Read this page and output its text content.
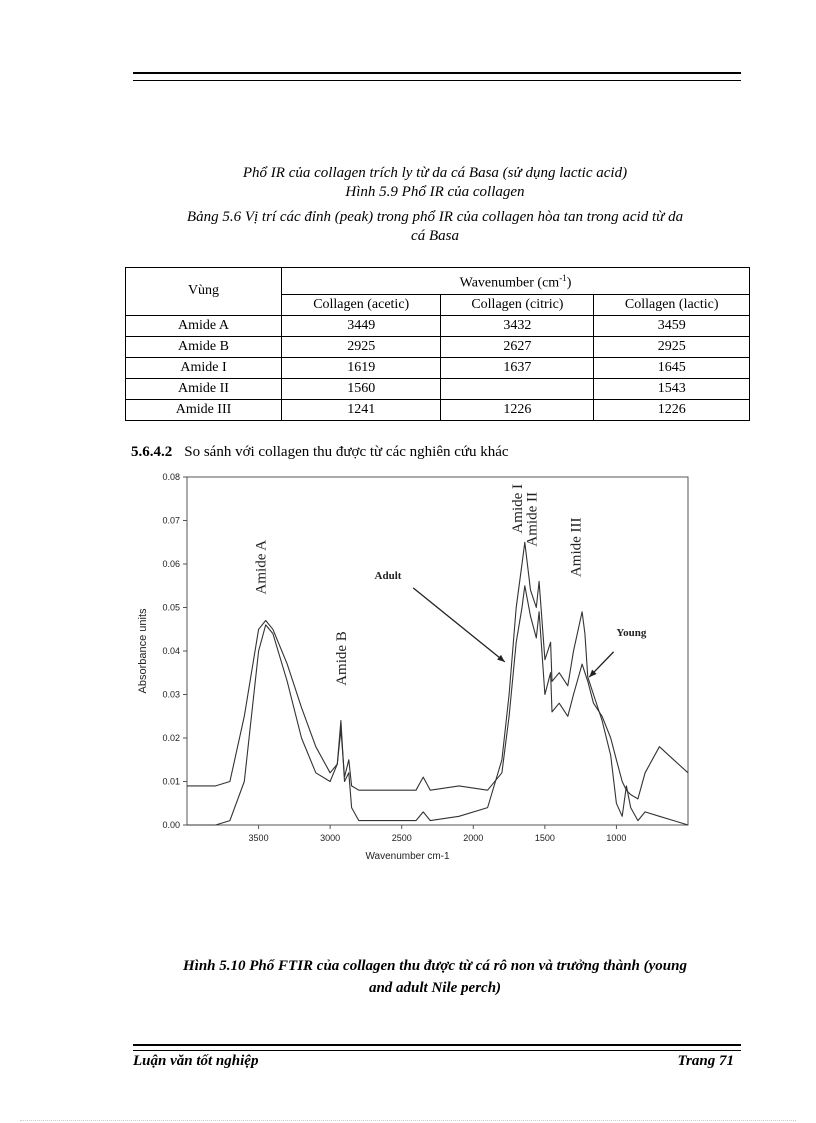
Phổ IR của collagen trích ly từ da cá Basa (sử dụng lactic acid)
Hình 5.9 Phổ IR của collagen
Bảng 5.6 Vị trí các đỉnh (peak) trong phổ IR của collagen hòa tan trong acid từ da
cá Basa
Vùng	Wavenumber $(cm^{-1})$		
	Collagen (acetic)	Collagen (citric)	Collagen (lactic)
Amide A	3449	3432	3459
Amide B	2925	2627	2925
Amide I	1619	1637	1645
Amide II	1560		1543
Amide III	1241	1226	1226
5.6.4.2 So sánh với collagen thu được từ các nghiên cứu khác
0.00
0.01
0.02
0.03
0.04
0.05
0.06
0.07
0.08
3500	3000	2500	2000	1500	1000
Wavenumber cm-1
Absorbance units
Amide A
Amide B
Amide I
Amide II Amide III
Adult
Young
Hình 5.10 Phổ FTIR của collagen thu được từ cá rô non và trưởng thành (young
and adult Nile perch)
Luận văn tốt nghiệp	Trang 71
